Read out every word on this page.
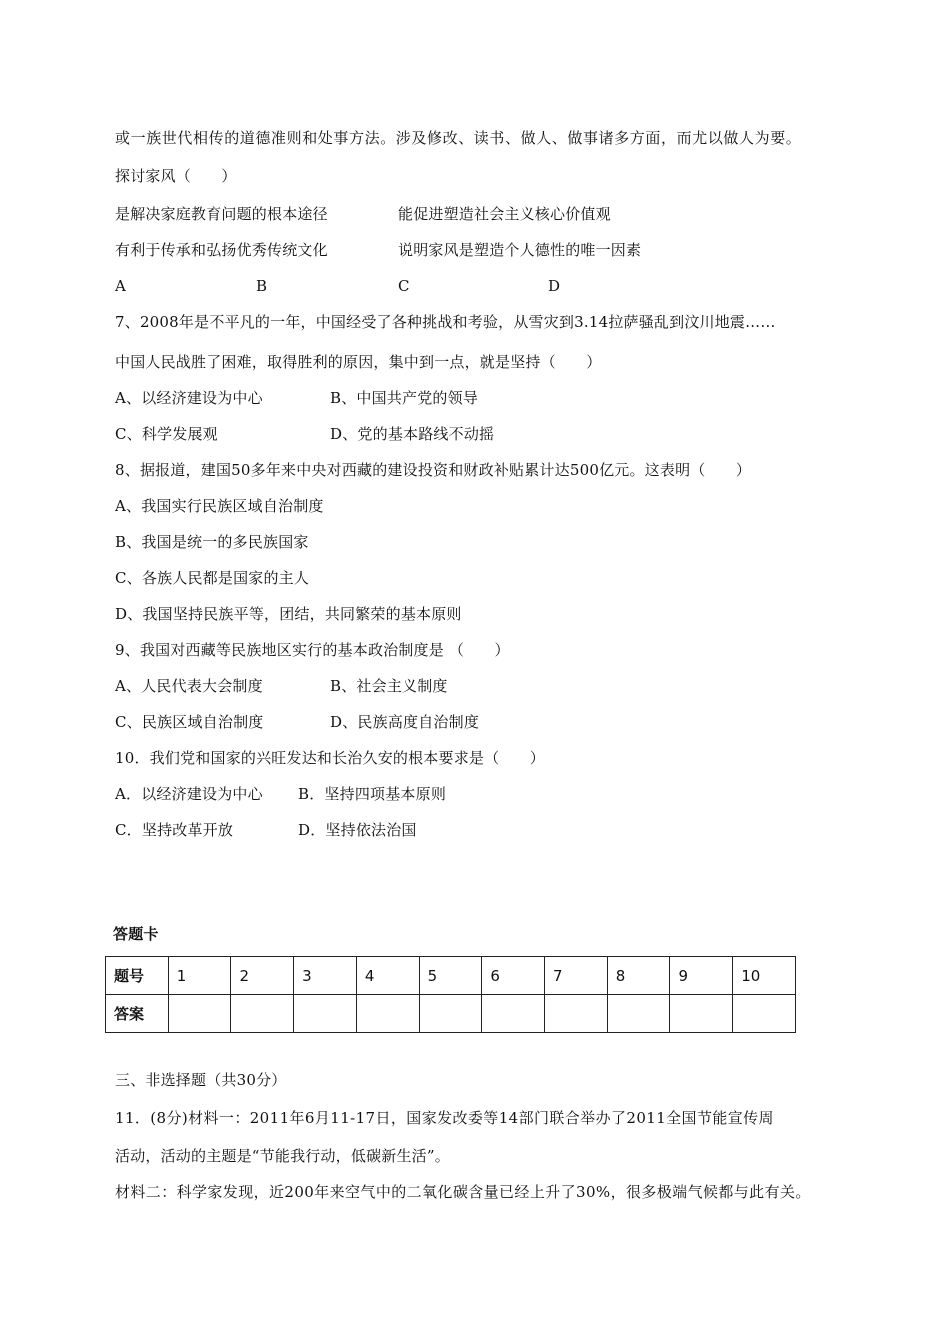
或一族世代相传的道德准则和处事方法。涉及修改、读书、做人、做事诸多方面，而尤以做人为要。
探讨家风（　　）
是解决家庭教育问题的根本途径	能促进塑造社会主义核心价值观
有利于传承和弘扬优秀传统文化	说明家风是塑造个人德性的唯一因素
A	B	C	D
7、2008年是不平凡的一年，中国经受了各种挑战和考验，从雪灾到3.14拉萨骚乱到汶川地震……
中国人民战胜了困难，取得胜利的原因，集中到一点，就是坚持（　　）
A、以经济建设为中心	B、中国共产党的领导
C、科学发展观	D、党的基本路线不动摇
8、据报道，建国50多年来中央对西藏的建设投资和财政补贴累计达500亿元。这表明（　　）
A、我国实行民族区域自治制度
B、我国是统一的多民族国家
C、各族人民都是国家的主人
D、我国坚持民族平等，团结，共同繁荣的基本原则
9、我国对西藏等民族地区实行的基本政治制度是 （　　）
A、人民代表大会制度	B、社会主义制度
C、民族区域自治制度	D、民族高度自治制度
10．我们党和国家的兴旺发达和长治久安的根本要求是（　　）
A．以经济建设为中心 B．坚持四项基本原则
C．坚持改革开放	D．坚持依法治国
答题卡
题号	1	2	3	4	5	6	7	8	9	10
答案										
三、非选择题（共30分）
11．(8分)材料一：2011年6月11-17日，国家发改委等14部门联合举办了2011全国节能宣传周
活动，活动的主题是“节能我行动，低碳新生活”。
材料二：科学家发现，近200年来空气中的二氧化碳含量已经上升了30%，很多极端气候都与此有关。
